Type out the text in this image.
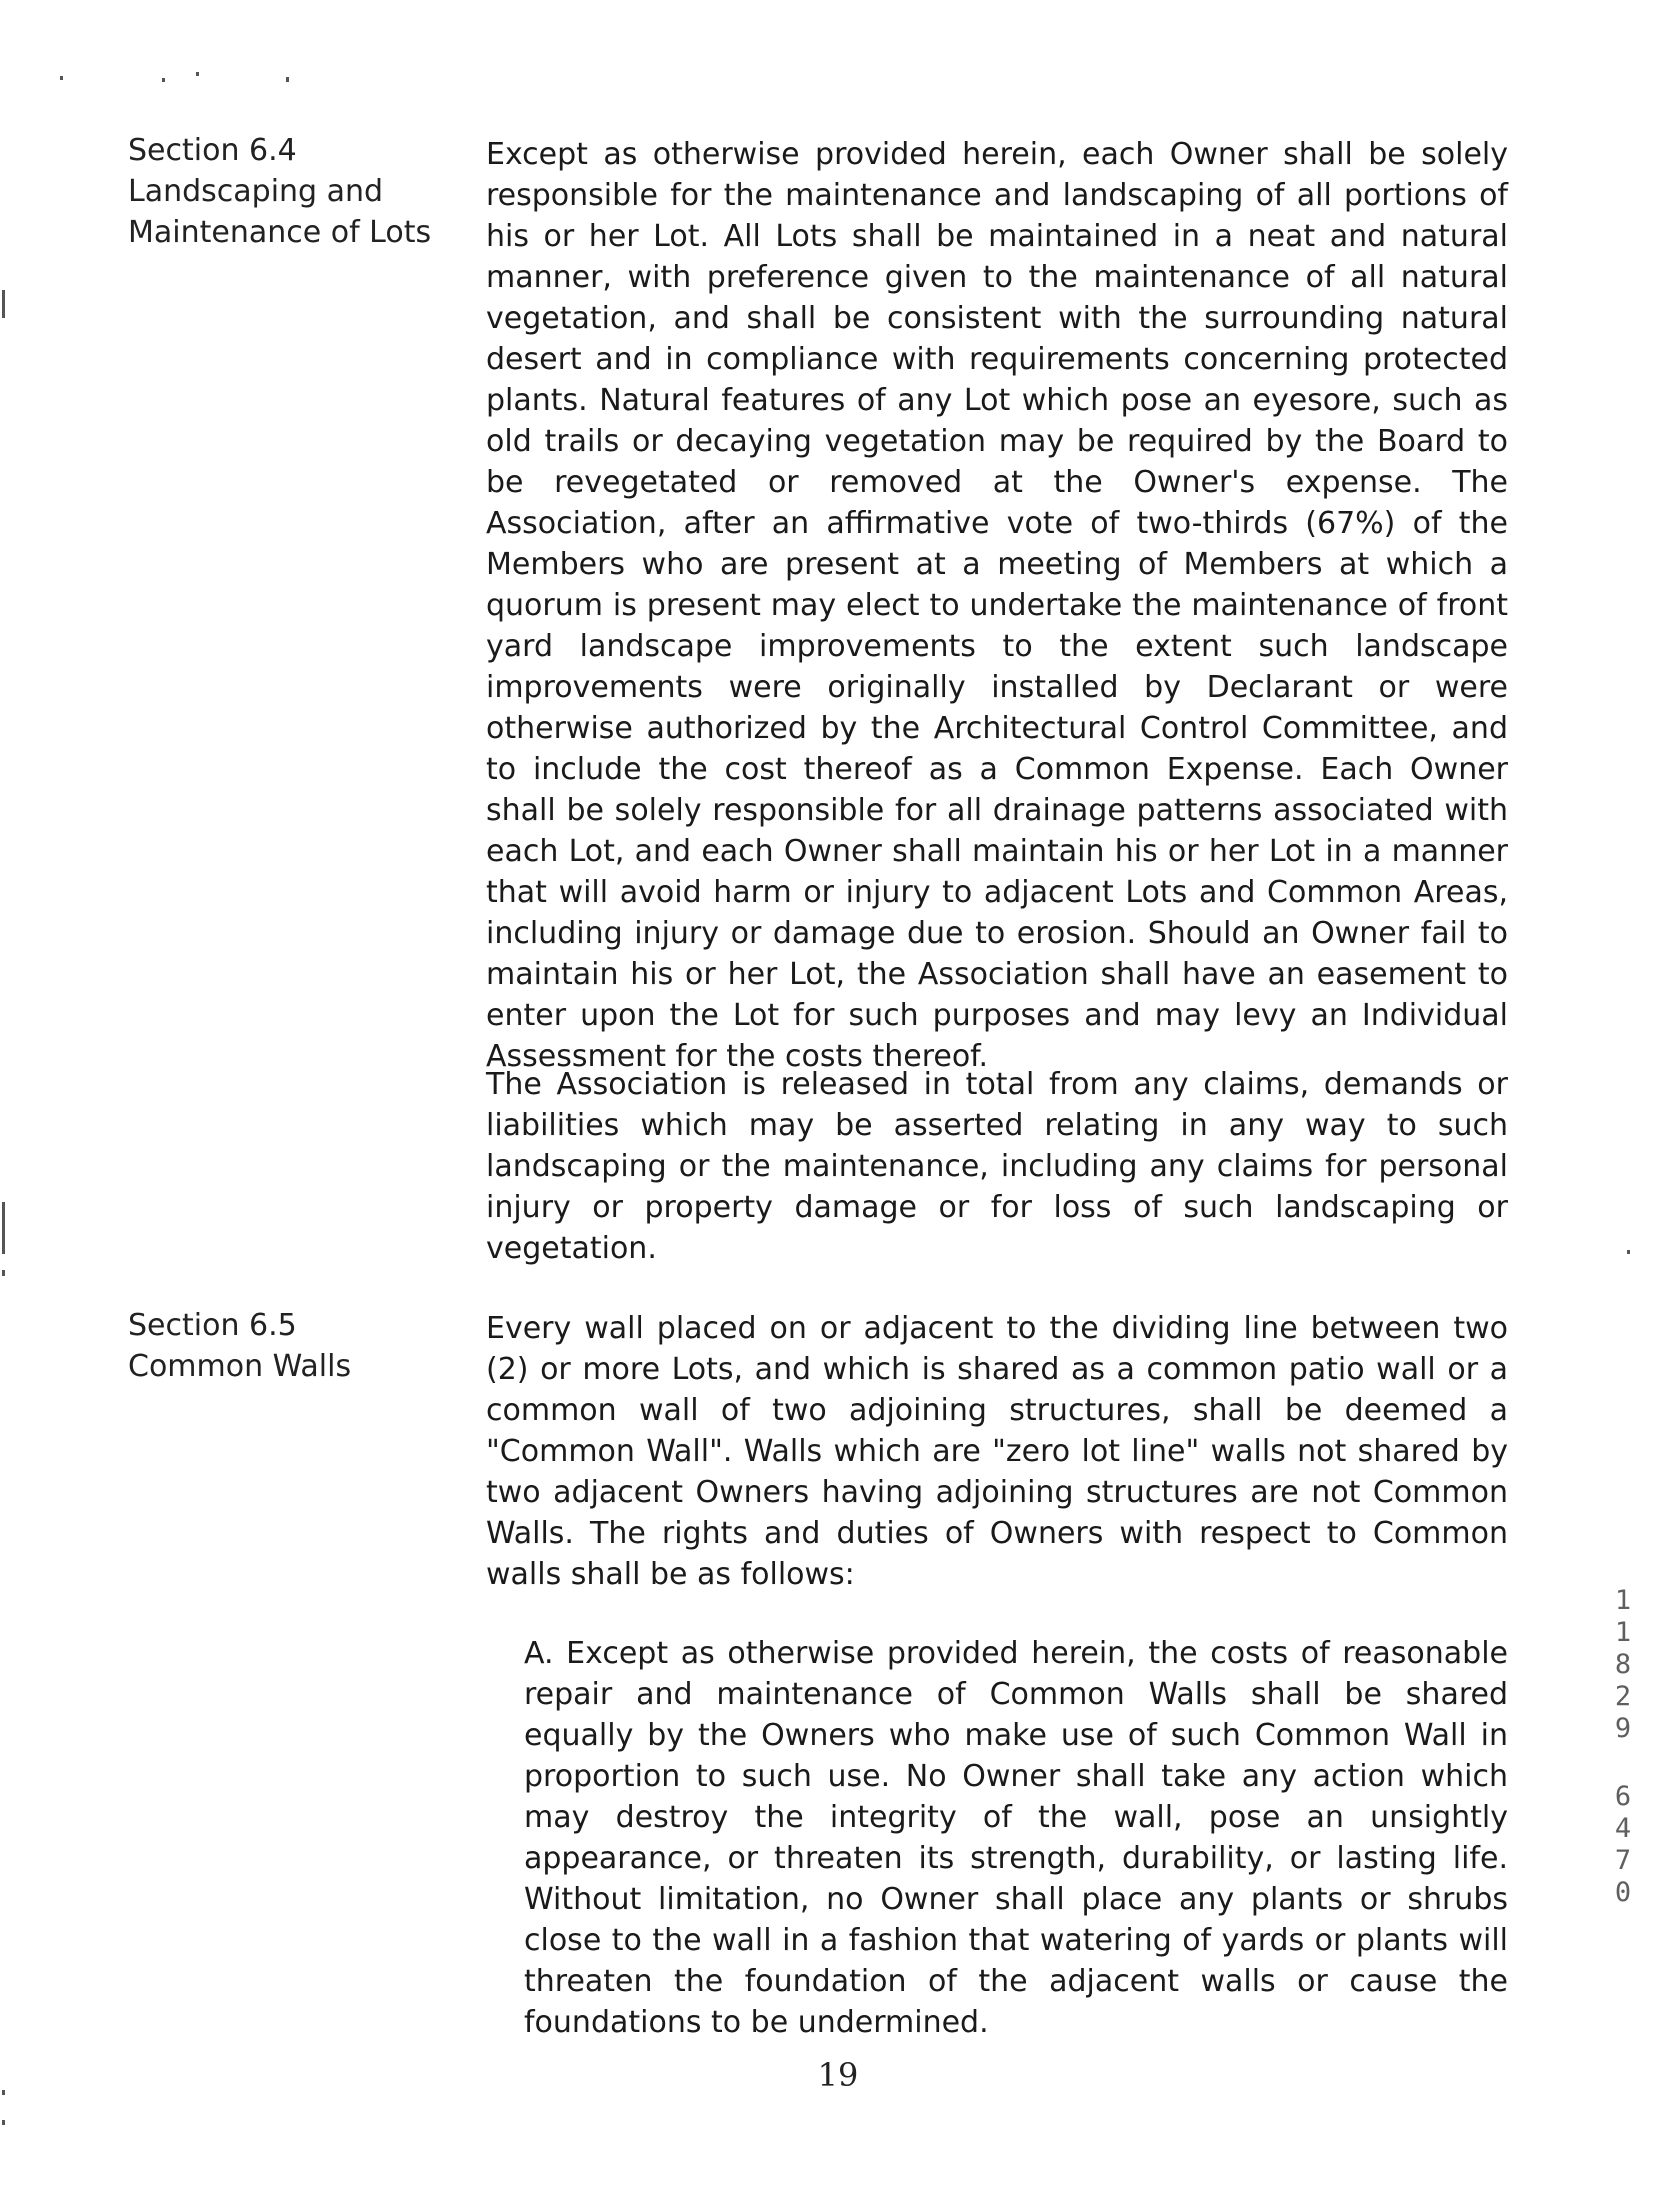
Section 6.4
Landscaping and
Maintenance of Lots

Except as otherwise provided herein, each Owner shall be solely responsible for the maintenance and landscaping of all portions of his or her Lot. All Lots shall be maintained in a neat and natural manner, with preference given to the maintenance of all natural vegetation, and shall be consistent with the surrounding natural desert and in compliance with requirements concerning protected plants. Natural features of any Lot which pose an eyesore, such as old trails or decaying vegetation may be required by the Board to be revegetated or removed at the Owner's expense. The Association, after an affirmative vote of two-thirds (67%) of the Members who are present at a meeting of Members at which a quorum is present may elect to undertake the maintenance of front yard landscape improvements to the extent such landscape improvements were originally installed by Declarant or were otherwise authorized by the Architectural Control Committee, and to include the cost thereof as a Common Expense. Each Owner shall be solely responsible for all drainage patterns associated with each Lot, and each Owner shall maintain his or her Lot in a manner that will avoid harm or injury to adjacent Lots and Common Areas, including injury or damage due to erosion. Should an Owner fail to maintain his or her Lot, the Association shall have an easement to enter upon the Lot for such purposes and may levy an Individual Assessment for the costs thereof.

The Association is released in total from any claims, demands or liabilities which may be asserted relating in any way to such landscaping or the maintenance, including any claims for personal injury or property damage or for loss of such landscaping or vegetation.

Section 6.5
Common Walls

Every wall placed on or adjacent to the dividing line between two (2) or more Lots, and which is shared as a common patio wall or a common wall of two adjoining structures, shall be deemed a "Common Wall". Walls which are "zero lot line" walls not shared by two adjacent Owners having adjoining structures are not Common Walls. The rights and duties of Owners with respect to Common walls shall be as follows:

A. Except as otherwise provided herein, the costs of reasonable repair and maintenance of Common Walls shall be shared equally by the Owners who make use of such Common Wall in proportion to such use. No Owner shall take any action which may destroy the integrity of the wall, pose an unsightly appearance, or threaten its strength, durability, or lasting life. Without limitation, no Owner shall place any plants or shrubs close to the wall in a fashion that watering of yards or plants will threaten the foundation of the adjacent walls or cause the foundations to be undermined.

19
1
1
8
2
9
6
4
7
0
